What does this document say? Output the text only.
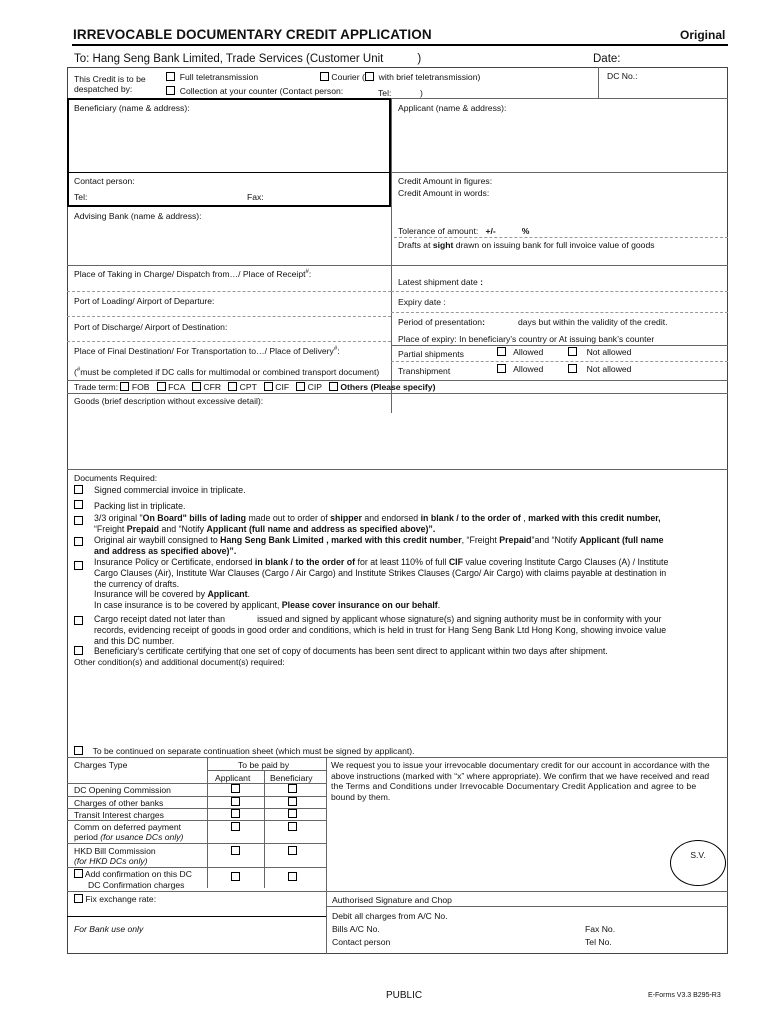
IRREVOCABLE DOCUMENTARY CREDIT APPLICATION	Original
To: Hang Seng Bank Limited, Trade Services (Customer Unit	)	Date:
This Credit is to be
despatched by:
Full teletransmission	Courier ( with brief teletransmission)
Collection at your counter (Contact person:	Tel:	)
DC No.:
Beneficiary (name & address):
Contact person:
Tel:	Fax:
Applicant (name & address):
Credit Amount in figures:
Credit Amount in words:
Tolerance of amount: +/-	%
Drafts at sight drawn on issuing bank for full invoice value of goods
Advising Bank (name & address):
Place of Taking in Charge/ Dispatch from…/ Place of Receipt#:
Port of Loading/ Airport of Departure:
Port of Discharge/ Airport of Destination:
Place of Final Destination/ For Transportation to…/ Place of Delivery#:
(#must be completed if DC calls for multimodal or combined transport document)
Latest shipment date :
Expiry date :
Period of presentation:	days but within the validity of the credit.
Place of expiry: In beneficiary’s country or At issuing bank’s counter
Partial shipments	Allowed	Not allowed
Transhipment	Allowed	Not allowed
Trade term: FOB FCA CFR CPT CIF CIP Others (Please specify)
Goods (brief description without excessive detail):
Documents Required:
Signed commercial invoice in triplicate.
Packing list in triplicate.
3/3 original "On Board" bills of lading made out to order of shipper and endorsed in blank / to the order of , marked with this credit number,
“Freight Prepaid and “Notify Applicant (full name and address as specified above)”.
Original air waybill consigned to Hang Seng Bank Limited , marked with this credit number, “Freight Prepaid”and “Notify Applicant (full name
and address as specified above)”.
Insurance Policy or Certificate, endorsed in blank / to the order of for at least 110% of full CIF value covering Institute Cargo Clauses (A) / Institute
Cargo Clauses (Air), Institute War Clauses (Cargo / Air Cargo) and Institute Strikes Clauses (Cargo/ Air Cargo) with claims payable at destination in
the currency of drafts.
Insurance will be covered by Applicant.
In case insurance is to be covered by applicant, Please cover insurance on our behalf.
Cargo receipt dated not later than	issued and signed by applicant whose signature(s) and signing authority must be in conformity with your
records, evidencing receipt of goods in good order and conditions, which is held in trust for Hang Seng Bank Ltd Hong Kong, showing invoice value
and this DC number.
Beneficiary’s certificate certifying that one set of copy of documents has been sent direct to applicant within two days after shipment.
Other condition(s) and additional document(s) required:
To be continued on separate continuation sheet (which must be signed by applicant).
Charges Type	To be paid by
Applicant Beneficiary
DC Opening Commission
Charges of other banks
Transit Interest charges
Comm on deferred payment
period (for usance DCs only)
HKD Bill Commission
(for HKD DCs only)
Add confirmation on this DC
DC Confirmation charges
Fix exchange rate:
For Bank use only
We request you to issue your irrevocable documentary credit for our account in accordance with the
above instructions (marked with “x” where appropriate). We confirm that we have received and read
the Terms and Conditions under Irrevocable Documentary Credit Application and agree to be
bound by them.
S.V.
Authorised Signature and Chop
Debit all charges from A/C No.
Bills A/C No.	Fax No.
Contact person	Tel No.
PUBLIC	E-Forms V3.3 B295-R3
